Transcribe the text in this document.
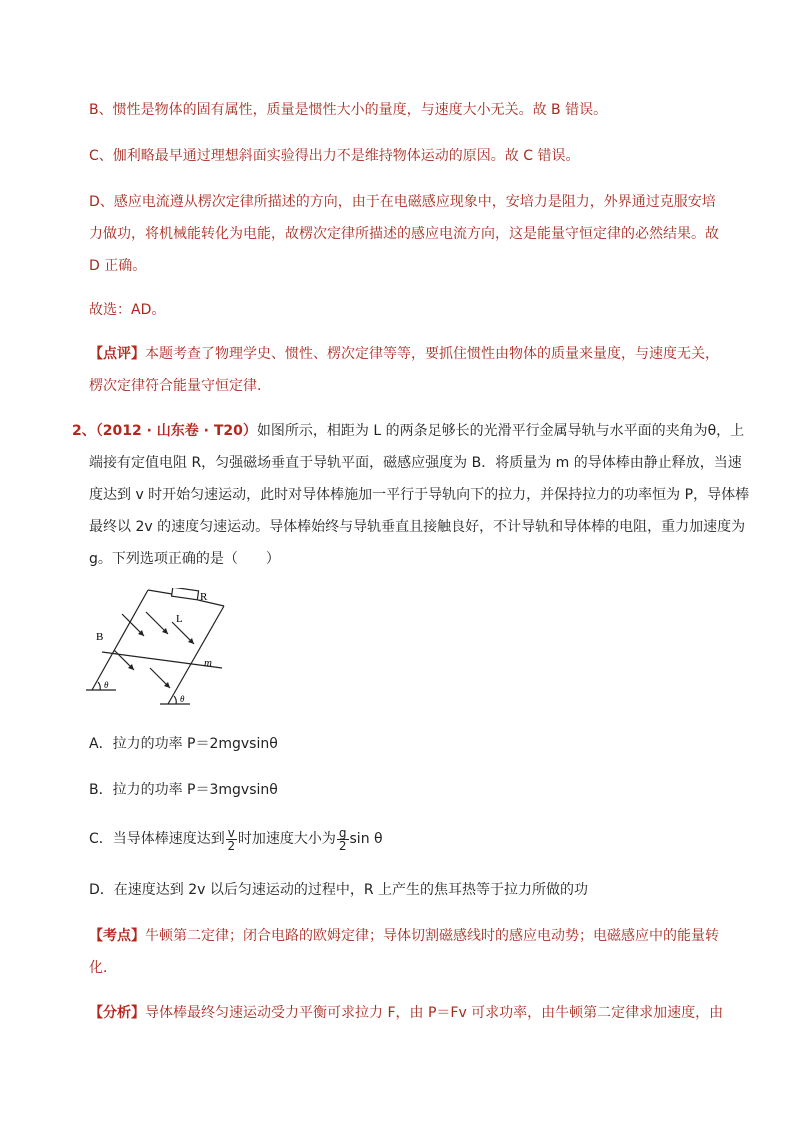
B、惯性是物体的固有属性，质量是惯性大小的量度，与速度大小无关。故 B 错误。
C、伽利略最早通过理想斜面实验得出力不是维持物体运动的原因。故 C 错误。
D、感应电流遵从楞次定律所描述的方向，由于在电磁感应现象中，安培力是阻力，外界通过克服安培
力做功，将机械能转化为电能，故楞次定律所描述的感应电流方向，这是能量守恒定律的必然结果。故
D 正确。
故选：AD。
【点评】本题考查了物理学史、惯性、楞次定律等等，要抓住惯性由物体的质量来量度，与速度无关，
楞次定律符合能量守恒定律．
2、（2012 · 山东卷 · T20）如图所示，相距为 L 的两条足够长的光滑平行金属导轨与水平面的夹角为θ，上
端接有定值电阻 R，匀强磁场垂直于导轨平面，磁感应强度为 B．将质量为 m 的导体棒由静止释放，当速
度达到 v 时开始匀速运动，此时对导体棒施加一平行于导轨向下的拉力，并保持拉力的功率恒为 P，导体棒
最终以 2v 的速度匀速运动。导体棒始终与导轨垂直且接触良好，不计导轨和导体棒的电阻，重力加速度为
g。下列选项正确的是（　　）
R
L
B
m
θ
θ
A．拉力的功率 P＝2mgvsinθ
B．拉力的功率 P＝3mgvsinθ
C．当导体棒速度达到 $\frac{v}{2}$ 时加速度大小为 $\frac{g}{2}$ sin θ
D．在速度达到 2v 以后匀速运动的过程中，R 上产生的焦耳热等于拉力所做的功
【考点】牛顿第二定律；闭合电路的欧姆定律；导体切割磁感线时的感应电动势；电磁感应中的能量转
化．
【分析】导体棒最终匀速运动受力平衡可求拉力 F，由 P＝Fv 可求功率，由牛顿第二定律求加速度，由
